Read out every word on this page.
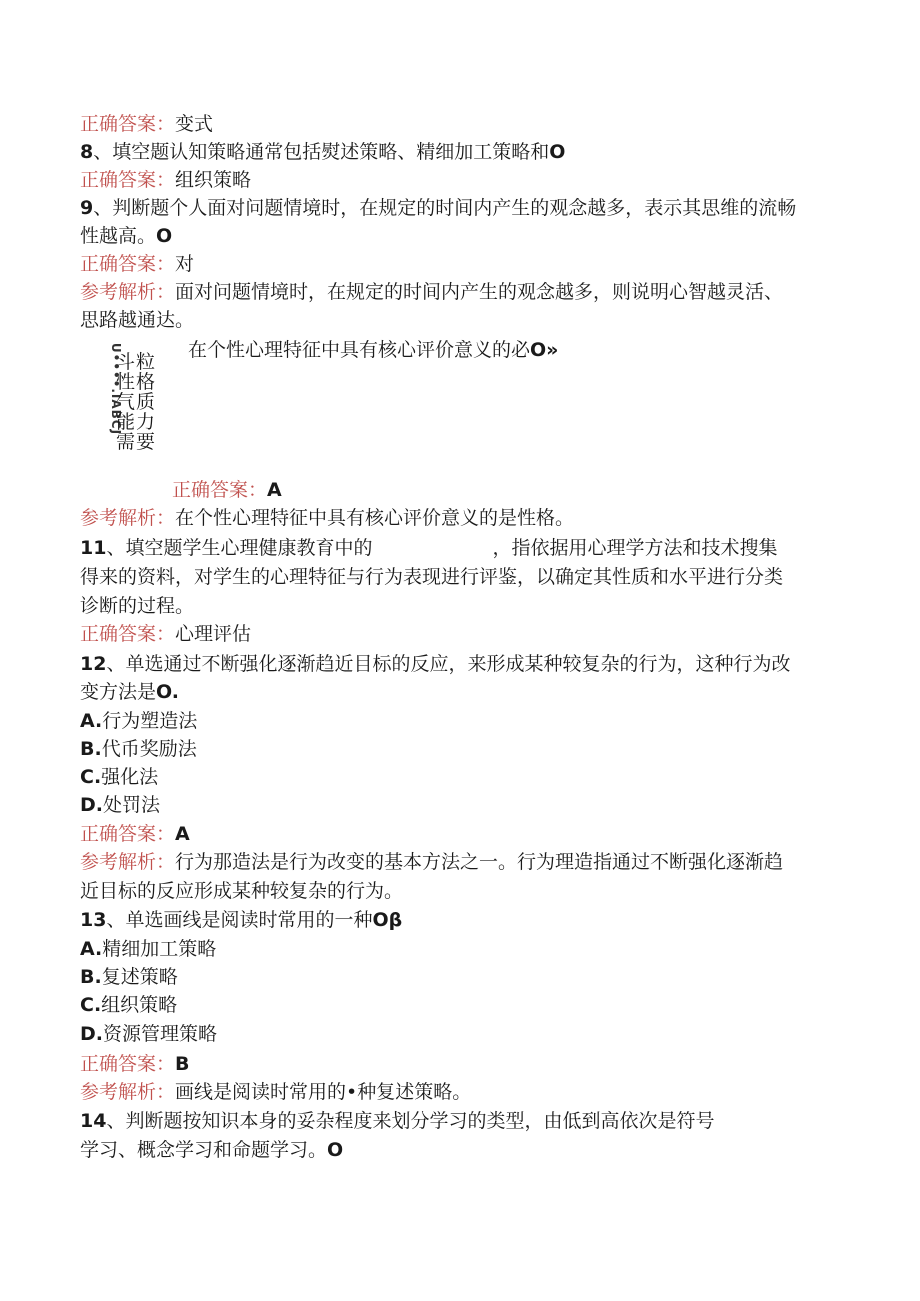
正确答案：变式
8、填空题认知策略通常包括熨述策略、精细加工策略和O
正确答案：组织策略
9、判断题个人面对问题情境时，在规定的时间内产生的观念越多，表示其思维的流畅
性越高。O
正确答案：对
参考解析：面对问题情境时，在规定的时间内产生的观念越多，则说明心智越灵活、
思路越通达。
在个性心理特征中具有核心评价意义的必O»
U••••.IABCJ
斗粒
性格
气质
能力
需要
正确答案：A
参考解析：在个性心理特征中具有核心评价意义的是性格。
11、填空题学生心理健康教育中的	，指依据用心理学方法和技术搜集
得来的资料，对学生的心理特征与行为表现进行评鉴，以确定其性质和水平进行分类
诊断的过程。
正确答案：心理评估
12、单选通过不断强化逐渐趋近目标的反应，来形成某种较复杂的行为，这种行为改
变方法是O.
A.行为塑造法
B.代币奖励法
C.强化法
D.处罚法
正确答案：A
参考解析：行为那造法是行为改变的基本方法之一。行为理造指通过不断强化逐渐趋
近目标的反应形成某种较复杂的行为。
13、单选画线是阅读时常用的一种Oβ
A.精细加工策略
B.复述策略
C.组织策略
D.资源管理策略
正确答案：B
参考解析：画线是阅读时常用的•种复述策略。
14、判断题按知识本身的妥杂程度来划分学习的类型，由低到高依次是符号
学习、概念学习和命题学习。O
